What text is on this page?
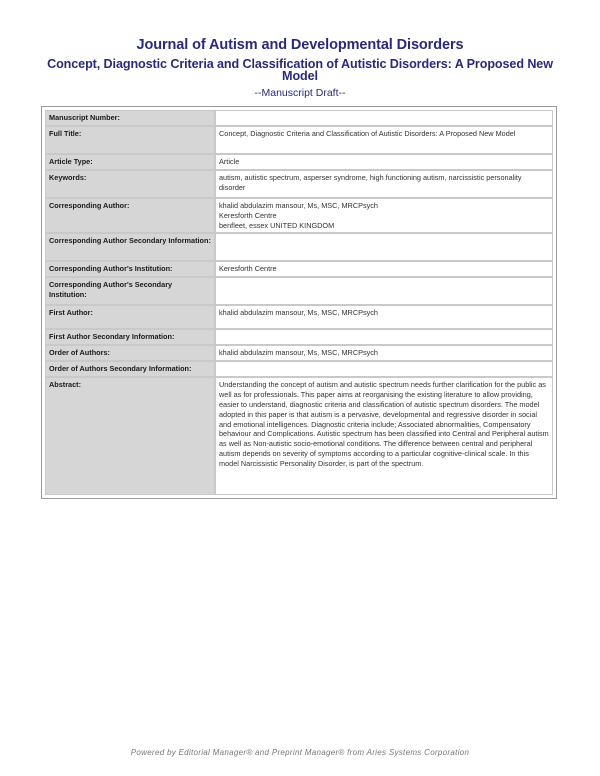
Journal of Autism and Developmental Disorders
Concept, Diagnostic Criteria and Classification of Autistic Disorders: A Proposed New Model
--Manuscript Draft--
Manuscript Number:	
Full Title:	Concept, Diagnostic Criteria and Classification of Autistic Disorders: A Proposed New Model
Article Type:	Article
Keywords:	autism, autistic spectrum, asperser syndrome, high functioning autism, narcissistic personality disorder
Corresponding Author:	khalid abdulazim mansour, Ms, MSC, MRCPsych
Keresforth Centre
benfleet, essex UNITED KINGDOM

Corresponding Author Secondary Information:	
Corresponding Author's Institution:	Keresforth Centre
Corresponding Author's Secondary Institution:	
First Author:	khalid abdulazim mansour, Ms, MSC, MRCPsych
First Author Secondary Information:	
Order of Authors:	khalid abdulazim mansour, Ms, MSC, MRCPsych
Order of Authors Secondary Information:	
Abstract:	Understanding the concept of autism and autistic spectrum needs further clarification for the public as well as for professionals. This paper aims at reorganising the existing literature to allow providing, easier to understand, diagnostic criteria and classification of autistic spectrum disorders. The model adopted in this paper is that autism is a pervasive, developmental and regressive disorder in social and emotional intelligences. Diagnostic criteria include; Associated abnormalities, Compensatory behaviour and Complications. Autistic spectrum has been classified into Central and Peripheral autism as well as Non-autistic socio-emotional conditions. The difference between central and peripheral autism depends on severity of symptoms according to a particular cognitive-clinical scale. In this model Narcissistic Personality Disorder, is part of the spectrum.
Powered by Editorial Manager® and Preprint Manager® from Aries Systems Corporation
